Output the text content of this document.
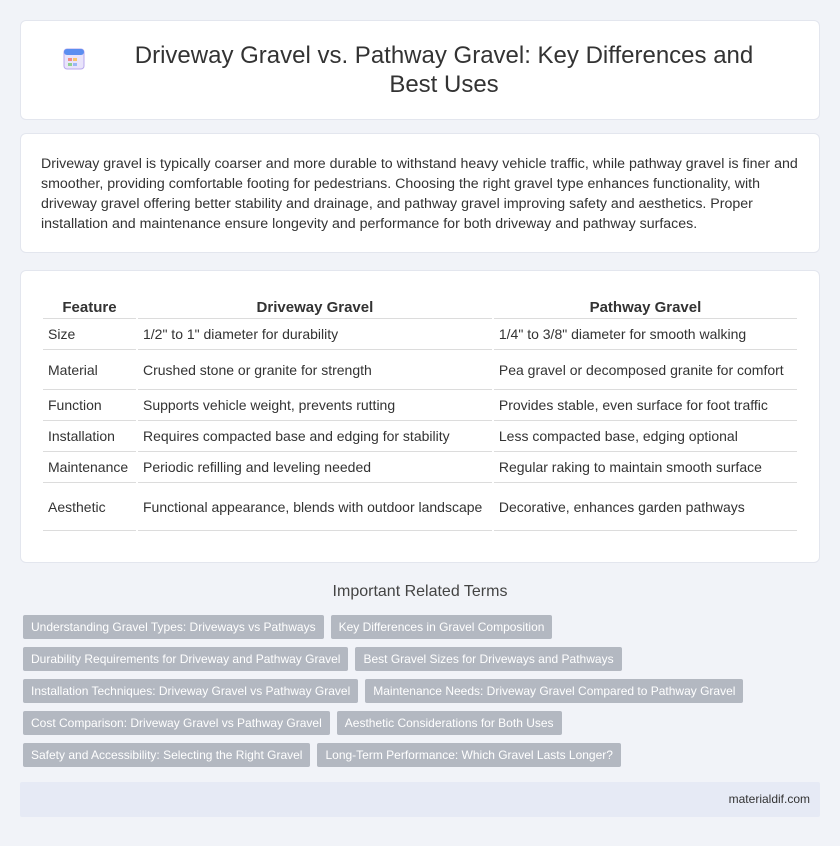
Driveway Gravel vs. Pathway Gravel: Key Differences and Best Uses

Driveway gravel is typically coarser and more durable to withstand heavy vehicle traffic, while pathway gravel is finer and smoother, providing comfortable footing for pedestrians. Choosing the right gravel type enhances functionality, with driveway gravel offering better stability and drainage, and pathway gravel improving safety and aesthetics. Proper installation and maintenance ensure longevity and performance for both driveway and pathway surfaces.

Feature	Driveway Gravel	Pathway Gravel
Size	1/2" to 1" diameter for durability	1/4" to 3/8" diameter for smooth walking
Material	Crushed stone or granite for strength	Pea gravel or decomposed granite for comfort
Function	Supports vehicle weight, prevents rutting	Provides stable, even surface for foot traffic
Installation	Requires compacted base and edging for stability	Less compacted base, edging optional
Maintenance	Periodic refilling and leveling needed	Regular raking to maintain smooth surface
Aesthetic	Functional appearance, blends with outdoor landscape	Decorative, enhances garden pathways
Important Related Terms
Understanding Gravel Types: Driveways vs Pathways	Key Differences in Gravel Composition
Durability Requirements for Driveway and Pathway Gravel	Best Gravel Sizes for Driveways and Pathways
Installation Techniques: Driveway Gravel vs Pathway Gravel	Maintenance Needs: Driveway Gravel Compared to Pathway Gravel
Cost Comparison: Driveway Gravel vs Pathway Gravel	Aesthetic Considerations for Both Uses
Safety and Accessibility: Selecting the Right Gravel	Long-Term Performance: Which Gravel Lasts Longer?
materialdif.com
